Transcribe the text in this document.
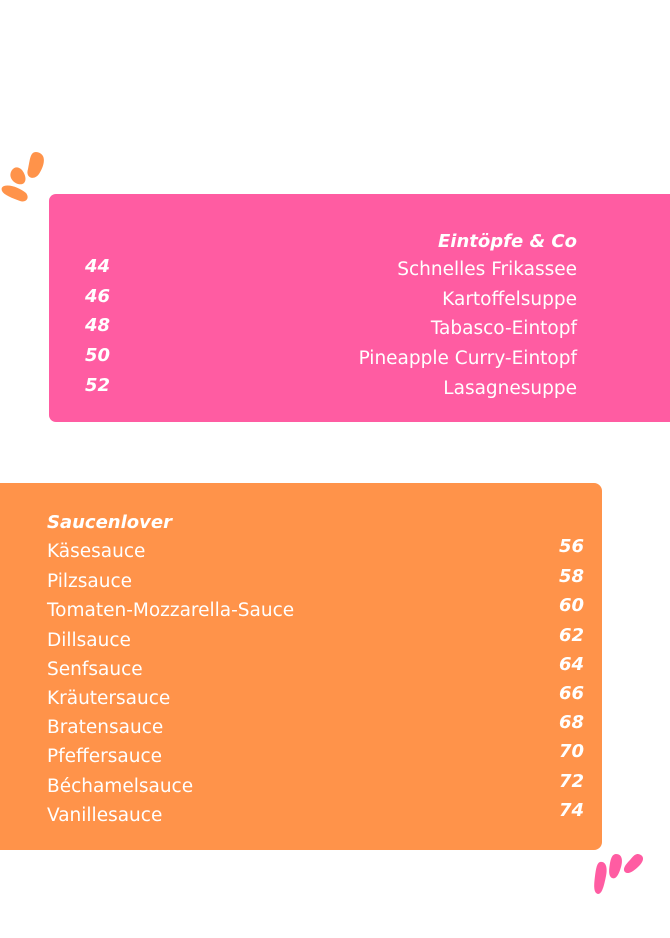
Eintöpfe & Co
44	Schnelles Frikassee
46	Kartoffelsuppe
48	Tabasco-Eintopf
50	Pineapple Curry-Eintopf
52	Lasagnesuppe
Saucenlover
Käsesauce	56
Pilzsauce	58
Tomaten-Mozzarella-Sauce	60
Dillsauce	62
Senfsauce	64
Kräutersauce	66
Bratensauce	68
Pfeffersauce	70
Béchamelsauce	72
Vanillesauce	74
